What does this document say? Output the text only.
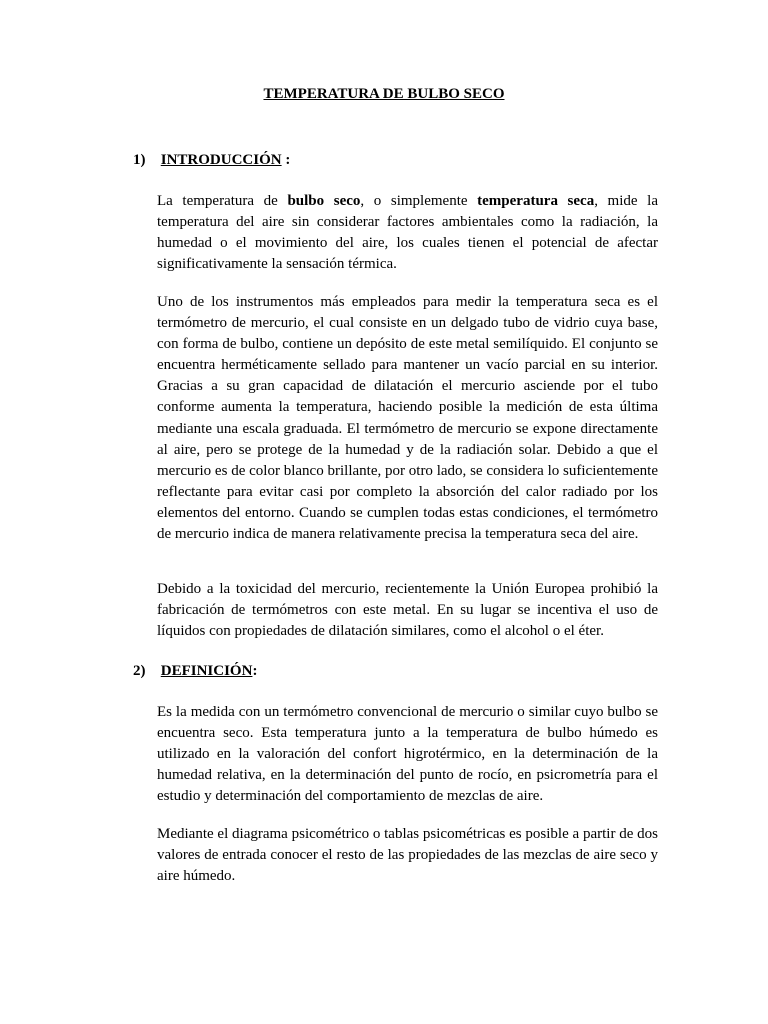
TEMPERATURA DE BULBO SECO
1) INTRODUCCIÓN :

La temperatura de bulbo seco, o simplemente temperatura seca, mide la temperatura del aire sin considerar factores ambientales como la radiación, la humedad o el movimiento del aire, los cuales tienen el potencial de afectar significativamente la sensación térmica.

Uno de los instrumentos más empleados para medir la temperatura seca es el termómetro de mercurio, el cual consiste en un delgado tubo de vidrio cuya base, con forma de bulbo, contiene un depósito de este metal semilíquido. El conjunto se encuentra herméticamente sellado para mantener un vacío parcial en su interior. Gracias a su gran capacidad de dilatación el mercurio asciende por el tubo conforme aumenta la temperatura, haciendo posible la medición de esta última mediante una escala graduada. El termómetro de mercurio se expone directamente al aire, pero se protege de la humedad y de la radiación solar. Debido a que el mercurio es de color blanco brillante, por otro lado, se considera lo suficientemente reflectante para evitar casi por completo la absorción del calor radiado por los elementos del entorno. Cuando se cumplen todas estas condiciones, el termómetro de mercurio indica de manera relativamente precisa la temperatura seca del aire.

Debido a la toxicidad del mercurio, recientemente la Unión Europea prohibió la fabricación de termómetros con este metal. En su lugar se incentiva el uso de líquidos con propiedades de dilatación similares, como el alcohol o el éter.

2) DEFINICIÓN:

Es la medida con un termómetro convencional de mercurio o similar cuyo bulbo se encuentra seco. Esta temperatura junto a la temperatura de bulbo húmedo es utilizado en la valoración del confort higrotérmico, en la determinación de la humedad relativa, en la determinación del punto de rocío, en psicrometría para el estudio y determinación del comportamiento de mezclas de aire.

Mediante el diagrama psicométrico o tablas psicométricas es posible a partir de dos valores de entrada conocer el resto de las propiedades de las mezclas de aire seco y aire húmedo.
